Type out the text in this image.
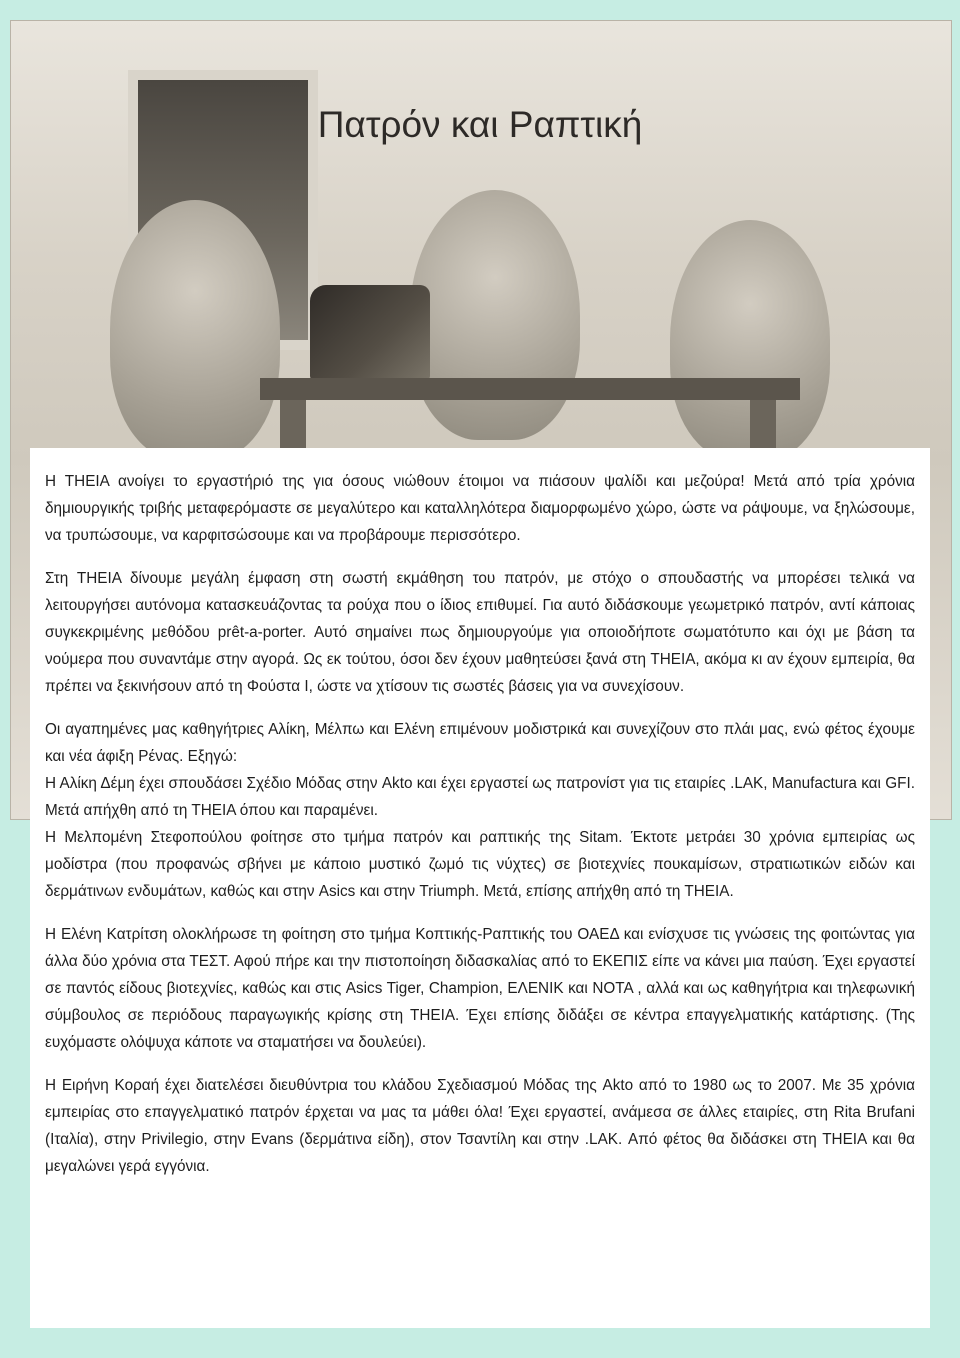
Πατρόν και Ραπτική

Η ΤΗΕΙΑ ανοίγει το εργαστήριό της για όσους νιώθουν έτοιμοι να πιάσουν ψαλίδι και μεζούρα! Μετά από τρία χρόνια δημιουργικής τριβής μεταφερόμαστε σε μεγαλύτερο και καταλληλότερα διαμορφωμένο χώρο, ώστε να ράψουμε, να ξηλώσουμε, να τρυπώσουμε, να καρφιτσώσουμε και να προβάρουμε περισσότερο.

Στη ΤΗΕΙΑ δίνουμε μεγάλη έμφαση στη σωστή εκμάθηση του πατρόν, με στόχο ο σπουδαστής να μπορέσει τελικά να λειτουργήσει αυτόνομα κατασκευάζοντας τα ρούχα που ο ίδιος επιθυμεί. Για αυτό διδάσκουμε γεωμετρικό πατρόν, αντί κάποιας συγκεκριμένης μεθόδου prêt-a-porter. Αυτό σημαίνει πως δημιουργούμε για οποιοδήποτε σωματότυπο και όχι με βάση τα νούμερα που συναντάμε στην αγορά. Ως εκ τούτου, όσοι δεν έχουν μαθητεύσει ξανά στη ΤΗΕΙΑ, ακόμα κι αν έχουν εμπειρία, θα πρέπει να ξεκινήσουν από τη Φούστα Ι, ώστε να χτίσουν τις σωστές βάσεις για να συνεχίσουν.

Οι αγαπημένες μας καθηγήτριες Αλίκη, Μέλπω και Ελένη επιμένουν μοδιστρικά και συνεχίζουν στο πλάι μας, ενώ φέτος έχουμε και νέα άφιξη Ρένας. Εξηγώ:

Η Αλίκη Δέμη έχει σπουδάσει Σχέδιο Μόδας στην Akto και έχει εργαστεί ως πατρονίστ για τις εταιρίες .LAK, Manufactura και GFI. Μετά απήχθη από τη ΤΗΕΙΑ όπου και παραμένει.

Η Μελπομένη Στεφοπούλου φοίτησε στο τμήμα πατρόν και ραπτικής της Sitam. Έκτοτε μετράει 30 χρόνια εμπειρίας ως μοδίστρα (που προφανώς σβήνει με κάποιο μυστικό ζωμό τις νύχτες) σε βιοτεχνίες πουκαμίσων, στρατιωτικών ειδών και δερμάτινων ενδυμάτων, καθώς και στην Asics και στην Triumph. Μετά, επίσης απήχθη από τη ΤΗΕΙΑ.

Η Ελένη Κατρίτση ολοκλήρωσε τη φοίτηση στο τμήμα Κοπτικής-Ραπτικής του ΟΑΕΔ και ενίσχυσε τις γνώσεις της φοιτώντας για άλλα δύο χρόνια στα ΤΕΣΤ. Αφού πήρε και την πιστοποίηση διδασκαλίας από το ΕΚΕΠΙΣ είπε να κάνει μια παύση. Έχει εργαστεί σε παντός είδους βιοτεχνίες, καθώς και στις Asics Tiger, Champion, ΕΛΕΝΙΚ και ΝΟΤΑ , αλλά και ως καθηγήτρια και τηλεφωνική σύμβουλος σε περιόδους παραγωγικής κρίσης στη ΤΗΕΙΑ. Έχει επίσης διδάξει σε κέντρα επαγγελματικής κατάρτισης. (Της ευχόμαστε ολόψυχα κάποτε να σταματήσει να δουλεύει).

Η Ειρήνη Κοραή έχει διατελέσει διευθύντρια του κλάδου Σχεδιασμού Μόδας της Akto από το 1980 ως το 2007. Με 35 χρόνια εμπειρίας στο επαγγελματικό πατρόν έρχεται να μας τα μάθει όλα! Έχει εργαστεί, ανάμεσα σε άλλες εταιρίες, στη Rita Brufani (Ιταλία), στην Privilegio, στην Evans (δερμάτινα είδη), στον Τσαντίλη και στην .LAK. Από φέτος θα διδάσκει στη ΤΗΕΙΑ και θα μεγαλώνει γερά εγγόνια.
